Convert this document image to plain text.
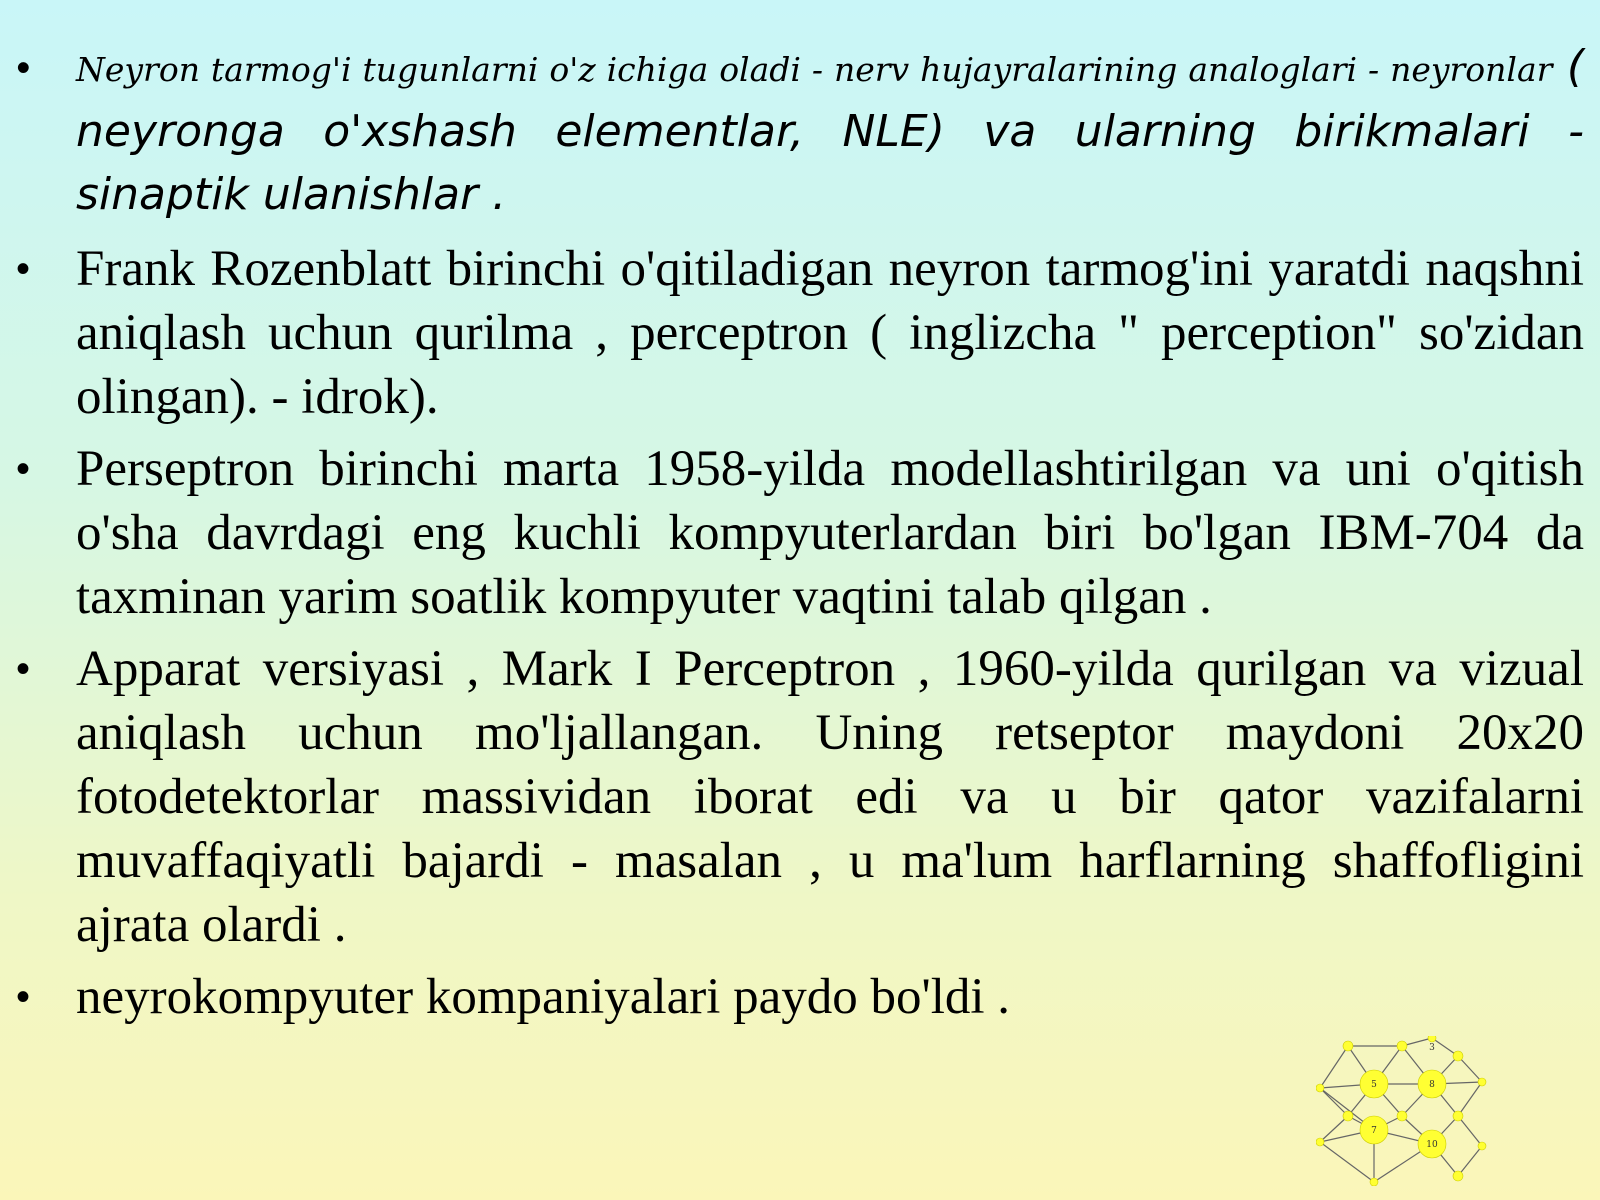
• Neyron tarmog'i tugunlarni o'z ichiga oladi - nerv hujayralarining analoglari - neyronlar ( neyronga o'xshash elementlar, NLE) va ularning birikmalari - sinaptik ulanishlar .
• Frank Rozenblatt birinchi o'qitiladigan neyron tarmog'ini yaratdi naqshni aniqlash uchun qurilma , perceptron ( inglizcha " perception" so'zidan olingan). - idrok).
• Perseptron birinchi marta 1958-yilda modellashtirilgan va uni o'qitish o'sha davrdagi eng kuchli kompyuterlardan biri bo'lgan IBM-704 da taxminan yarim soatlik kompyuter vaqtini talab qilgan .
• Apparat versiyasi , Mark I Perceptron , 1960-yilda qurilgan va vizual aniqlash uchun mo'ljallangan. Uning retseptor maydoni 20x20 fotodetektorlar massividan iborat edi va u bir qator vazifalarni muvaffaqiyatli bajardi - masalan , u ma'lum harflarning shaffofligini ajrata olardi .
• neyrokompyuter kompaniyalari paydo bo'ldi .
3
5	8
7
10
